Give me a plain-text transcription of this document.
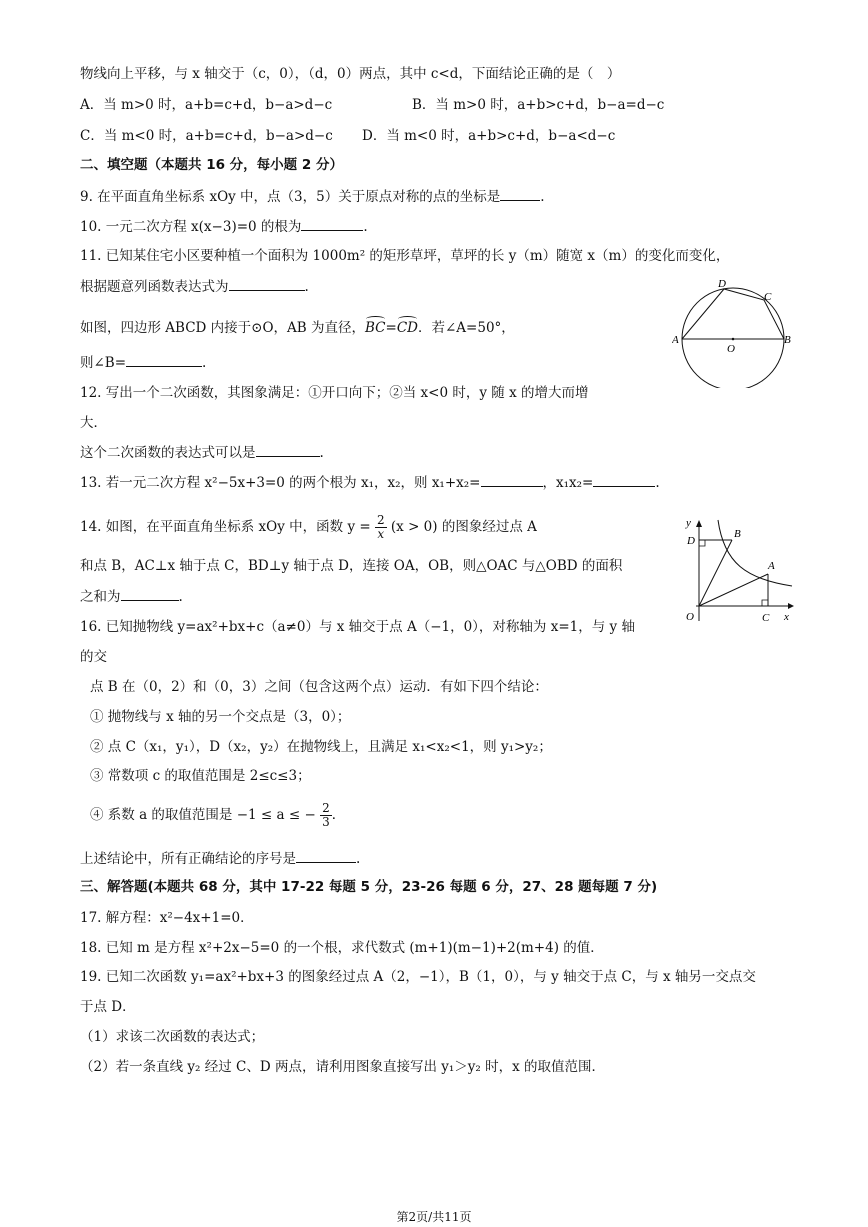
物线向上平移，与 x 轴交于（c，0），（d，0）两点，其中 c<d，下面结论正确的是（　）
A．当 m>0 时，a+b=c+d，b−a>d−c	B．当 m>0 时，a+b>c+d，b−a=d−c
C．当 m<0 时，a+b=c+d，b−a>d−c D．当 m<0 时，a+b>c+d，b−a<d−c
二、填空题（本题共 16 分，每小题 2 分）
9. 在平面直角坐标系 xOy 中，点（3，5）关于原点对称的点的坐标是	.
10. 一元二次方程 x(x−3)=0 的根为	.
11. 已知某住宅小区要种植一个面积为 1000m² 的矩形草坪，草坪的长 y（m）随宽 x（m）的变化而变化，
根据题意列函数表达式为	.
如图，四边形 ABCD 内接于⊙O，AB 为直径，BC=CD．若∠A=50°，
则∠B=	.
D
C
A
O
B
12. 写出一个二次函数，其图象满足：①开口向下；②当 x<0 时，y 随 x 的增大而增
大．
这个二次函数的表达式可以是	.
13. 若一元二次方程 x²−5x+3=0 的两个根为 x₁，x₂，则 x₁+x₂=	，x₁x₂=	.
14. 如图，在平面直角坐标系 xOy 中，函数 $y = \frac{2}{x} (x > 0)$ 的图象经过点 A
和点 B，AC⊥x 轴于点 C，BD⊥y 轴于点 D，连接 OA，OB，则△OAC 与△OBD 的面积
之和为	.
y
D
B
A
O	C x
16. 已知抛物线 y=ax²+bx+c（a≠0）与 x 轴交于点 A（−1，0），对称轴为 x=1，与 y 轴
的交
点 B 在（0，2）和（0，3）之间（包含这两个点）运动．有如下四个结论：
① 抛物线与 x 轴的另一个交点是（3，0）；
② 点 C（x₁，y₁），D（x₂，y₂）在抛物线上，且满足 x₁<x₂<1，则 y₁>y₂；
③ 常数项 c 的取值范围是 2≤c≤3；
④ 系数 a 的取值范围是 −1 ≤ a ≤ − $\frac{2}{3}$ ．
上述结论中，所有正确结论的序号是	.
三、解答题(本题共 68 分，其中 17-22 每题 5 分，23-26 每题 6 分，27、28 题每题 7 分)
17. 解方程：x²−4x+1=0．
18. 已知 m 是方程 x²+2x−5=0 的一个根，求代数式 (m+1)(m−1)+2(m+4) 的值．
19. 已知二次函数 y₁=ax²+bx+3 的图象经过点 A（2，−1），B（1，0），与 y 轴交于点 C，与 x 轴另一交点交
于点 D．
（1）求该二次函数的表达式；
（2）若一条直线 y₂ 经过 C、D 两点，请利用图象直接写出 y₁＞y₂ 时，x 的取值范围．
第2页/共11页
